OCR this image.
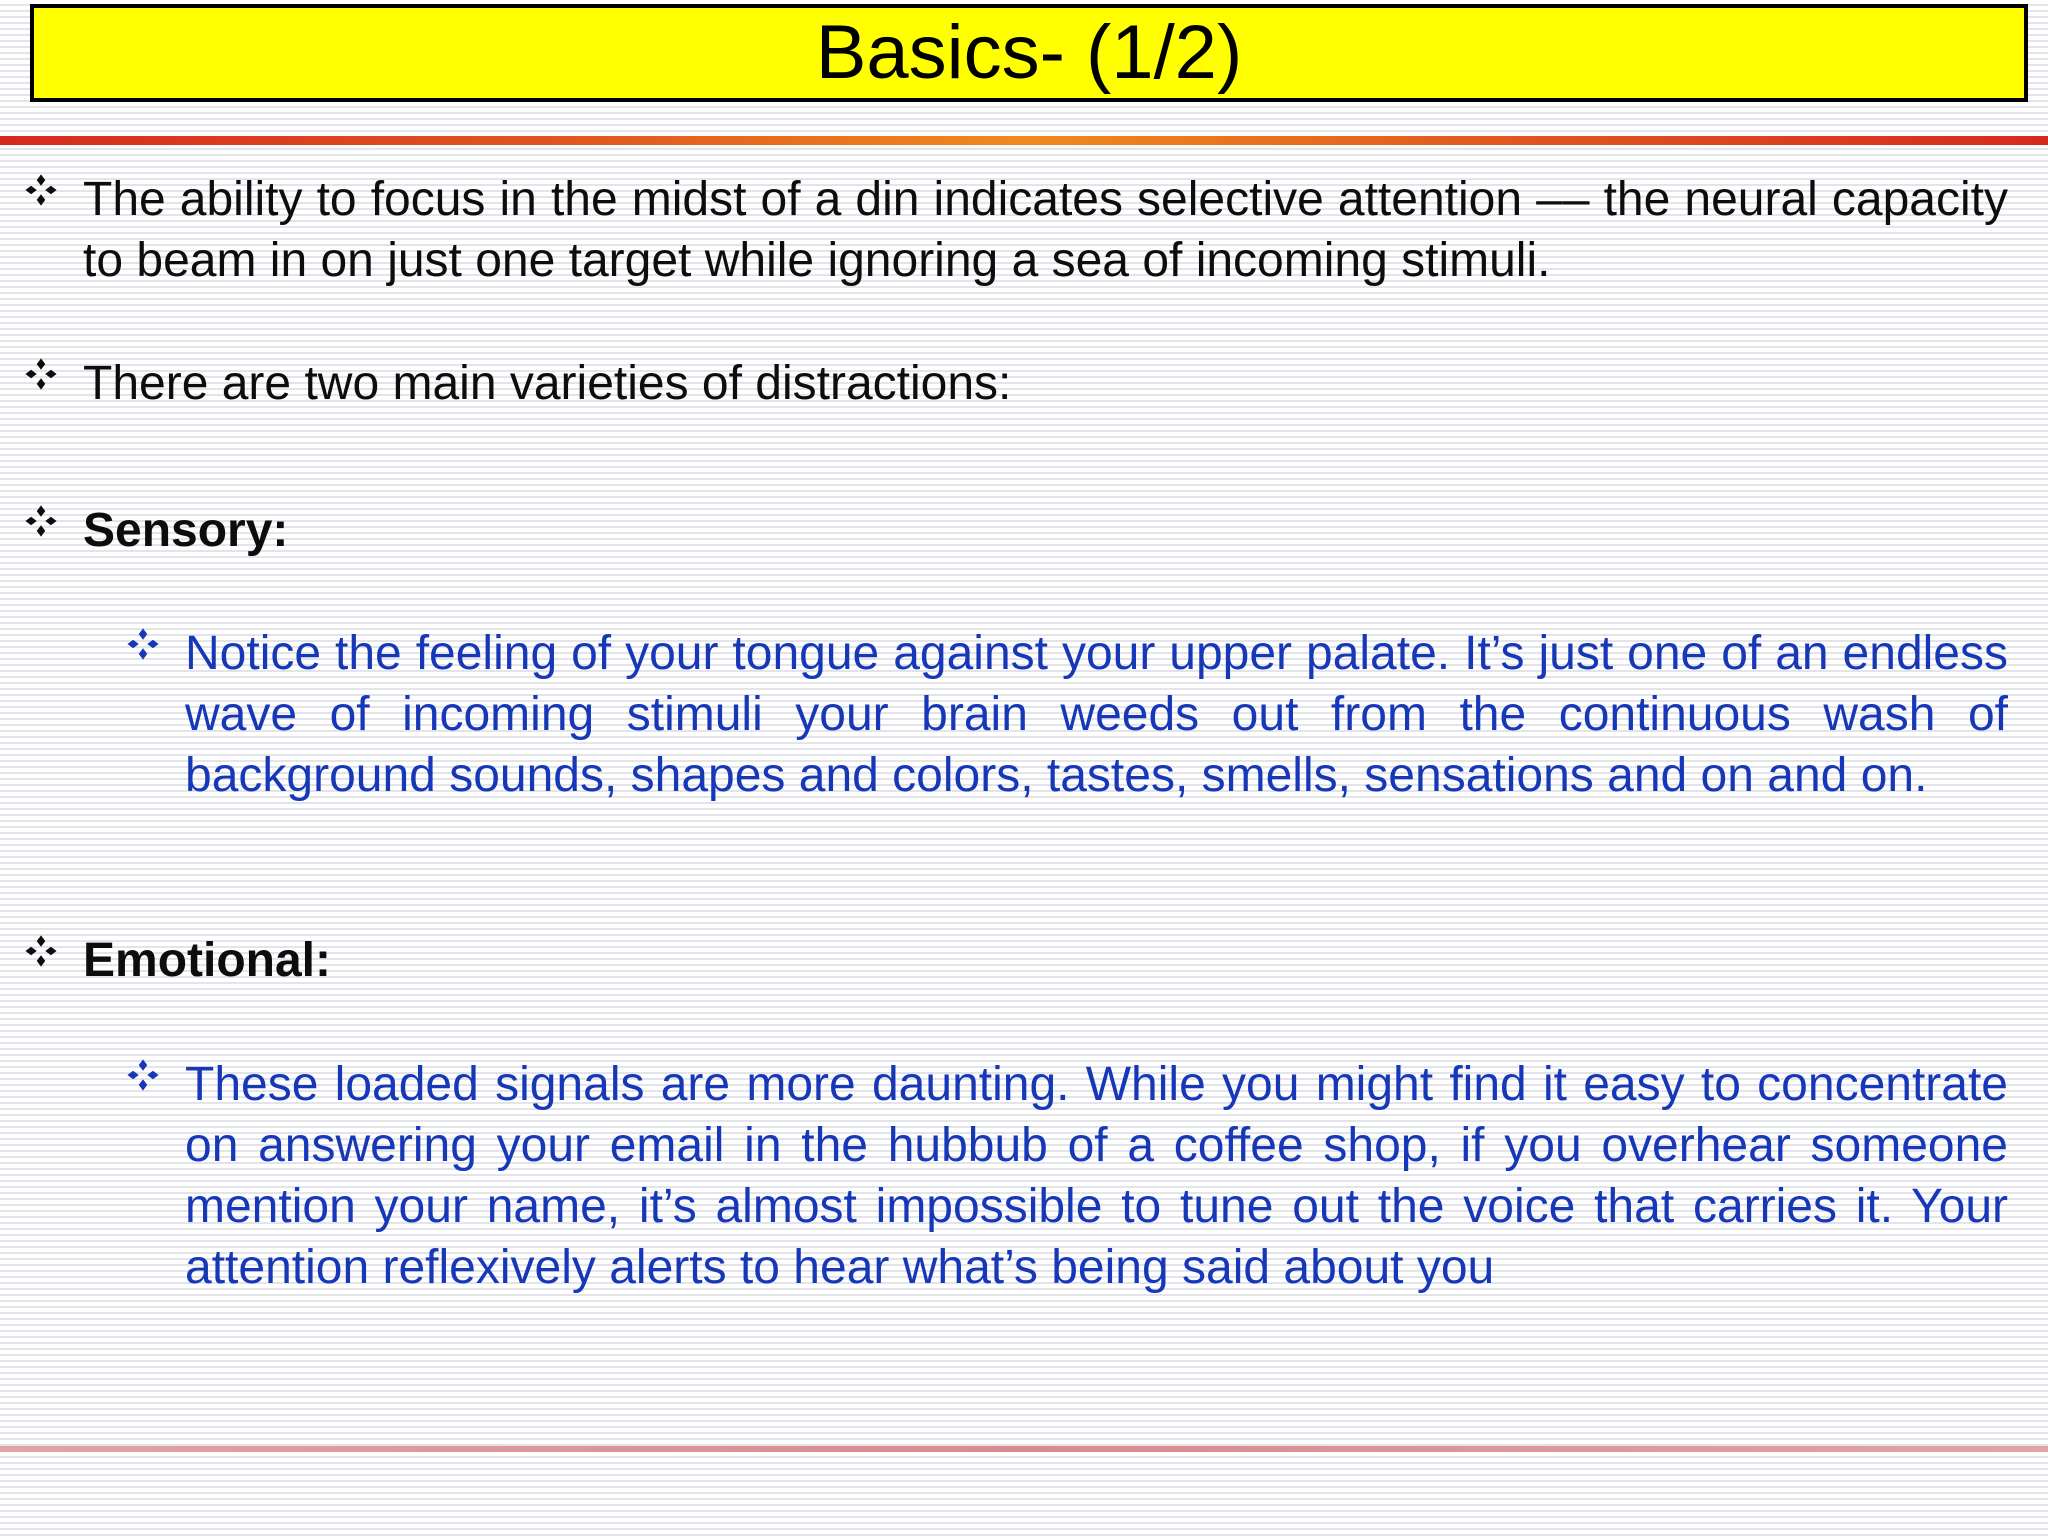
Basics- (1/2)
The ability to focus in the midst of a din indicates selective attention –– the neural capacity to beam in on just one target while ignoring a sea of incoming stimuli.
There are two main varieties of distractions:
Sensory:
Notice the feeling of your tongue against your upper palate. It’s just one of an endless wave of incoming stimuli your brain weeds out from the continuous wash of background sounds, shapes and colors, tastes, smells, sensations and on and on.
Emotional:
These loaded signals are more daunting. While you might find it easy to concentrate on answering your email in the hubbub of a coffee shop, if you overhear someone mention your name, it’s almost impossible to tune out the voice that carries it. Your attention reflexively alerts to hear what’s being said about you
